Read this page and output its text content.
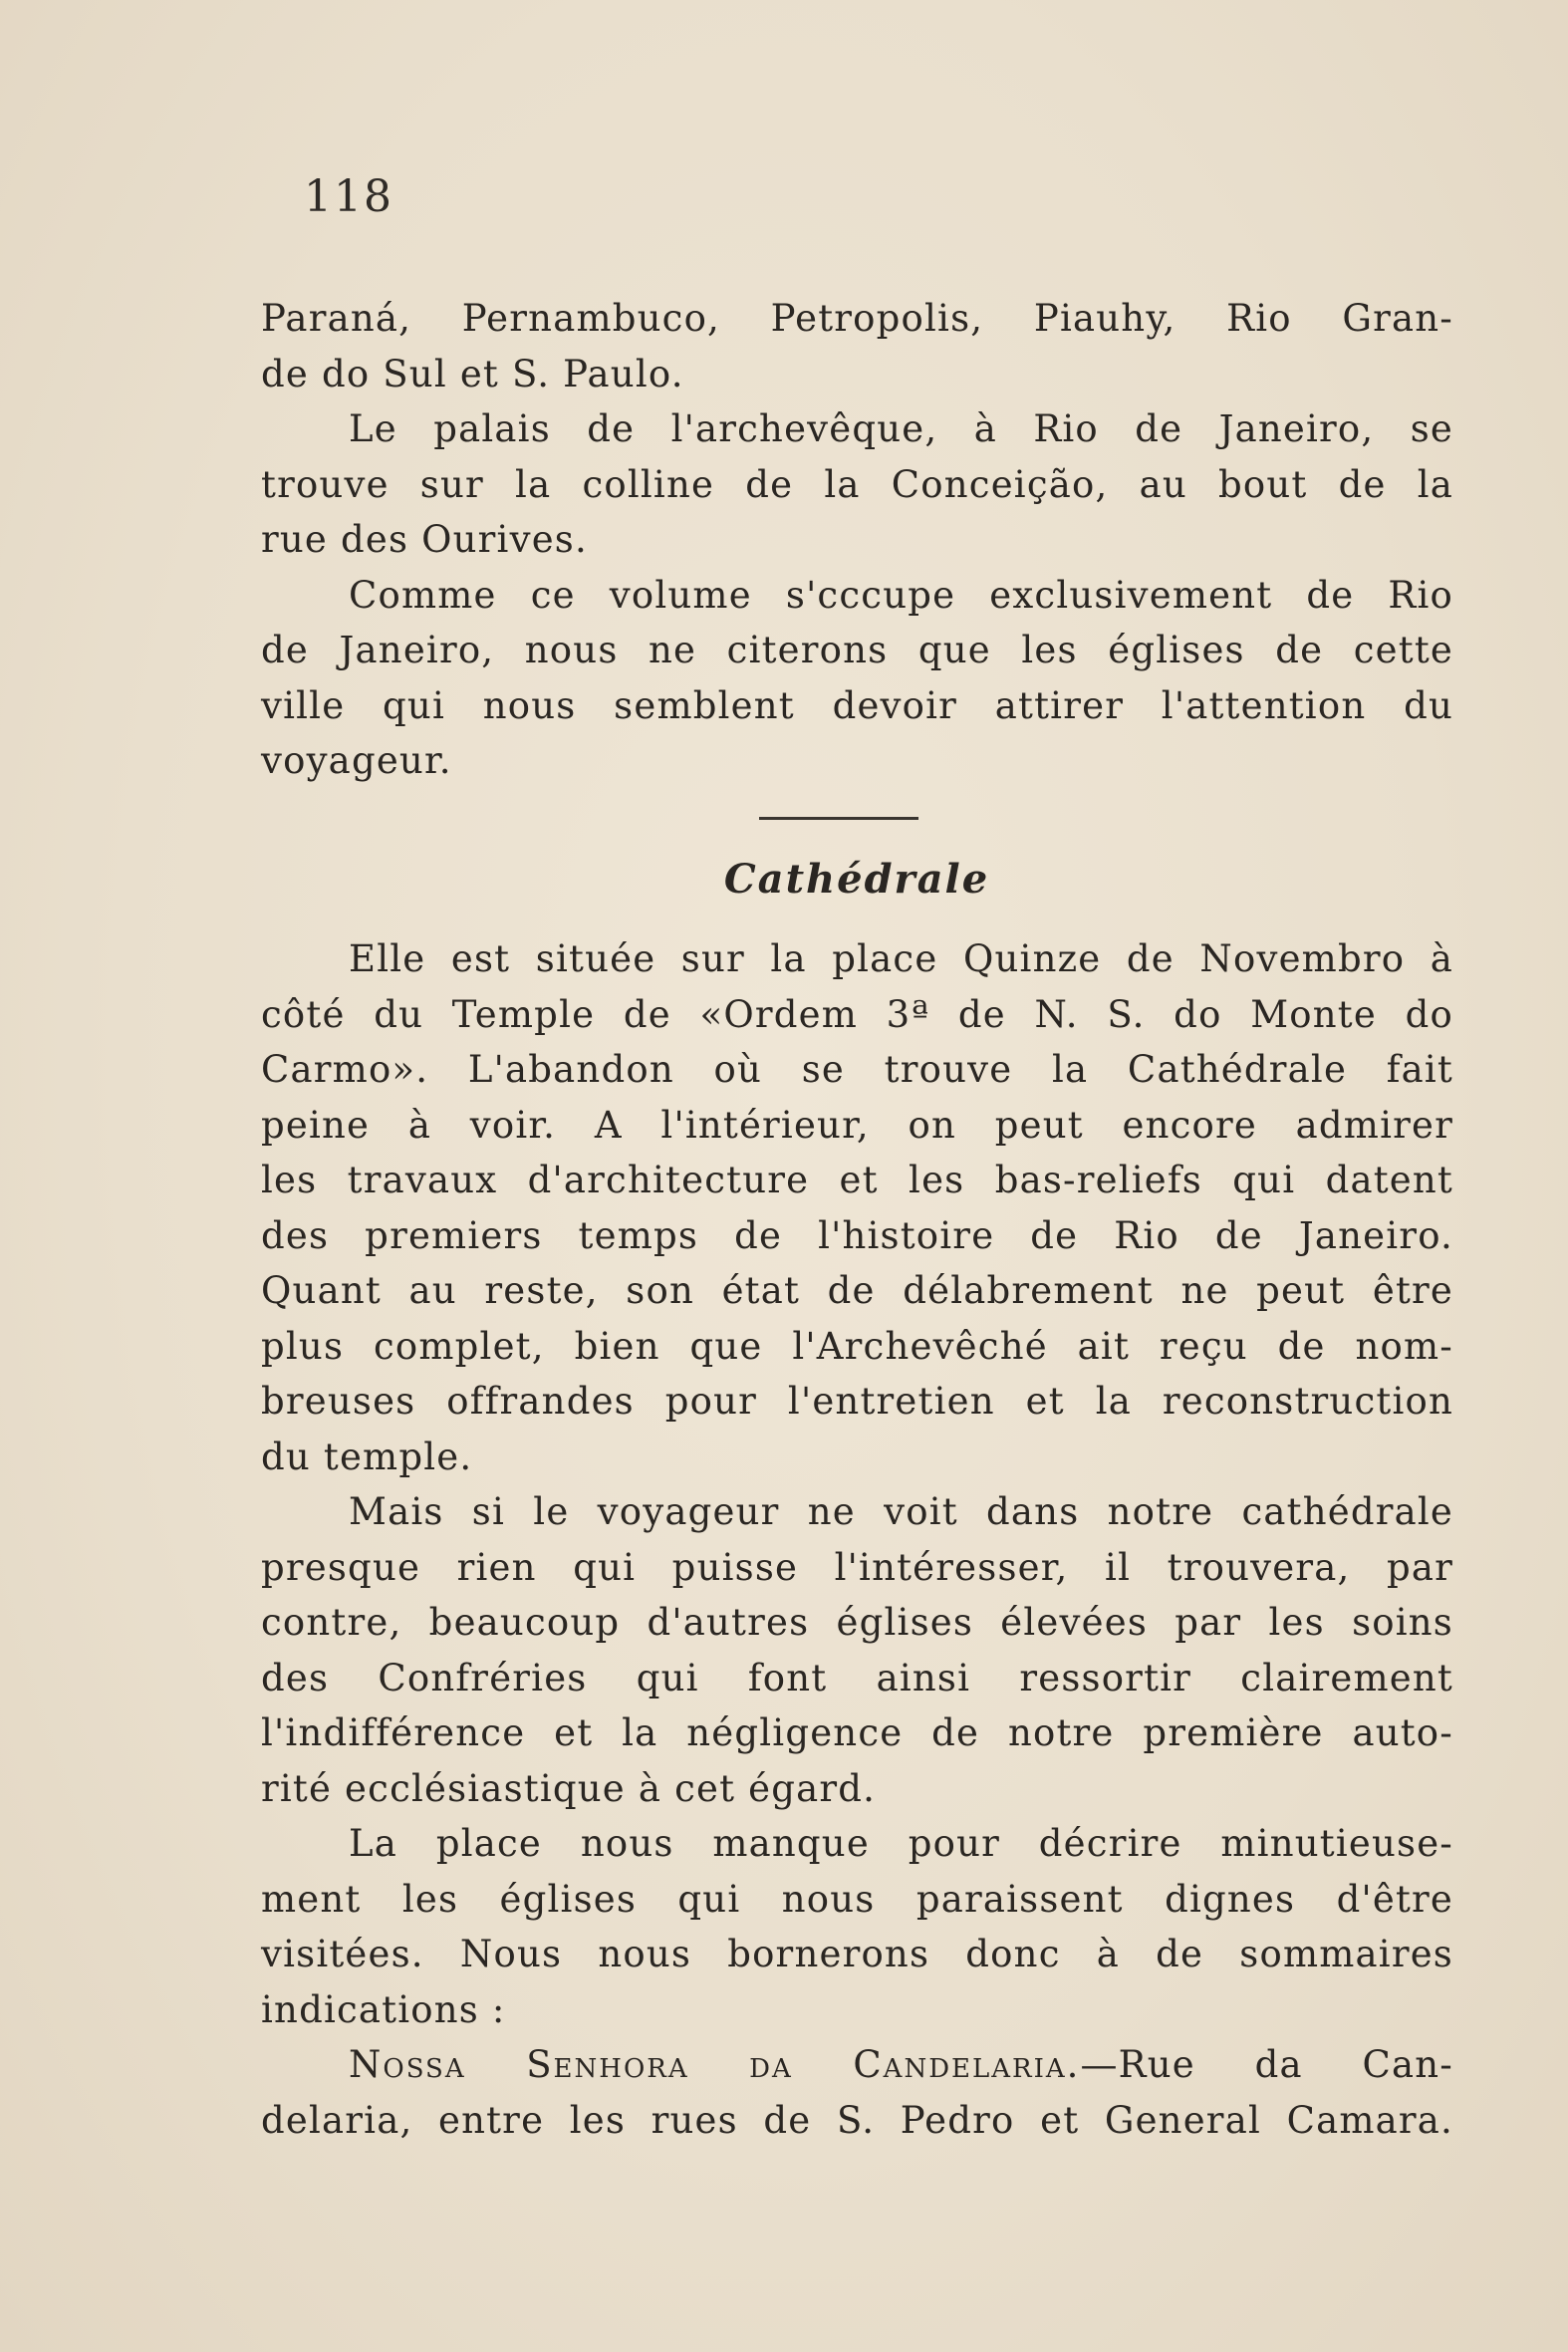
118
Paraná, Pernambuco, Petropolis, Piauhy, Rio Gran-
de do Sul et S. Paulo.
Le palais de l'archevêque, à Rio de Janeiro, se
trouve sur la colline de la Conceição, au bout de la
rue des Ourives.
Comme ce volume s'cccupe exclusivement de Rio
de Janeiro, nous ne citerons que les églises de cette
ville qui nous semblent devoir attirer l'attention du
voyageur.
Cathédrale
Elle est située sur la place Quinze de Novembro à
côté du Temple de «Ordem 3ª de N. S. do Monte do
Carmo». L'abandon où se trouve la Cathédrale fait
peine à voir. A l'intérieur, on peut encore admirer
les travaux d'architecture et les bas-reliefs qui datent
des premiers temps de l'histoire de Rio de Janeiro.
Quant au reste, son état de délabrement ne peut être
plus complet, bien que l'Archevêché ait reçu de nom-
breuses offrandes pour l'entretien et la reconstruction
du temple.
Mais si le voyageur ne voit dans notre cathédrale
presque rien qui puisse l'intéresser, il trouvera, par
contre, beaucoup d'autres églises élevées par les soins
des Confréries qui font ainsi ressortir clairement
l'indifférence et la négligence de notre première auto-
rité ecclésiastique à cet égard.
La place nous manque pour décrire minutieuse-
ment les églises qui nous paraissent dignes d'être
visitées. Nous nous bornerons donc à de sommaires
indications :
Nossa Senhora da Candelaria.—Rue da Can-
delaria, entre les rues de S. Pedro et General Camara.
